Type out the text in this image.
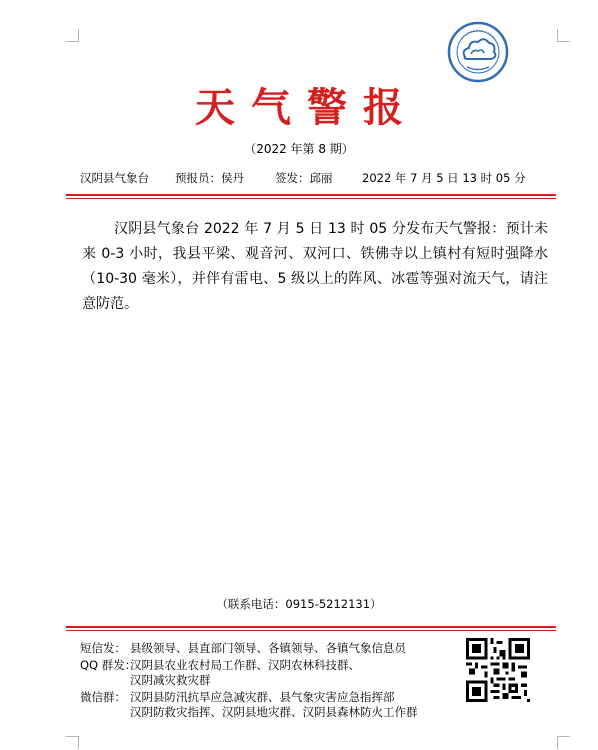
天气警报
（2022 年第 8 期）
汉阴县气象台 预报员：侯丹	签发：邱丽	2022 年 7 月 5 日 13 时 05 分

汉阴县气象台 2022 年 7 月 5 日 13 时 05 分发布天气警报：预计未来 0-3 小时，我县平梁、观音河、双河口、铁佛寺以上镇村有短时强降水（10-30 毫米），并伴有雷电、5 级以上的阵风、冰雹等强对流天气，请注意防范。

（联系电话：0915-5212131）
短信发： 县级领导、县直部门领导、各镇领导、各镇气象信息员
QQ 群发：汉阴县农业农村局工作群、汉阴农林科技群、
汉阴减灾救灾群
微信群： 汉阴县防汛抗旱应急减灾群、县气象灾害应急指挥部
汉阴防救灾指挥、汉阴县地灾群、汉阴县森林防火工作群
